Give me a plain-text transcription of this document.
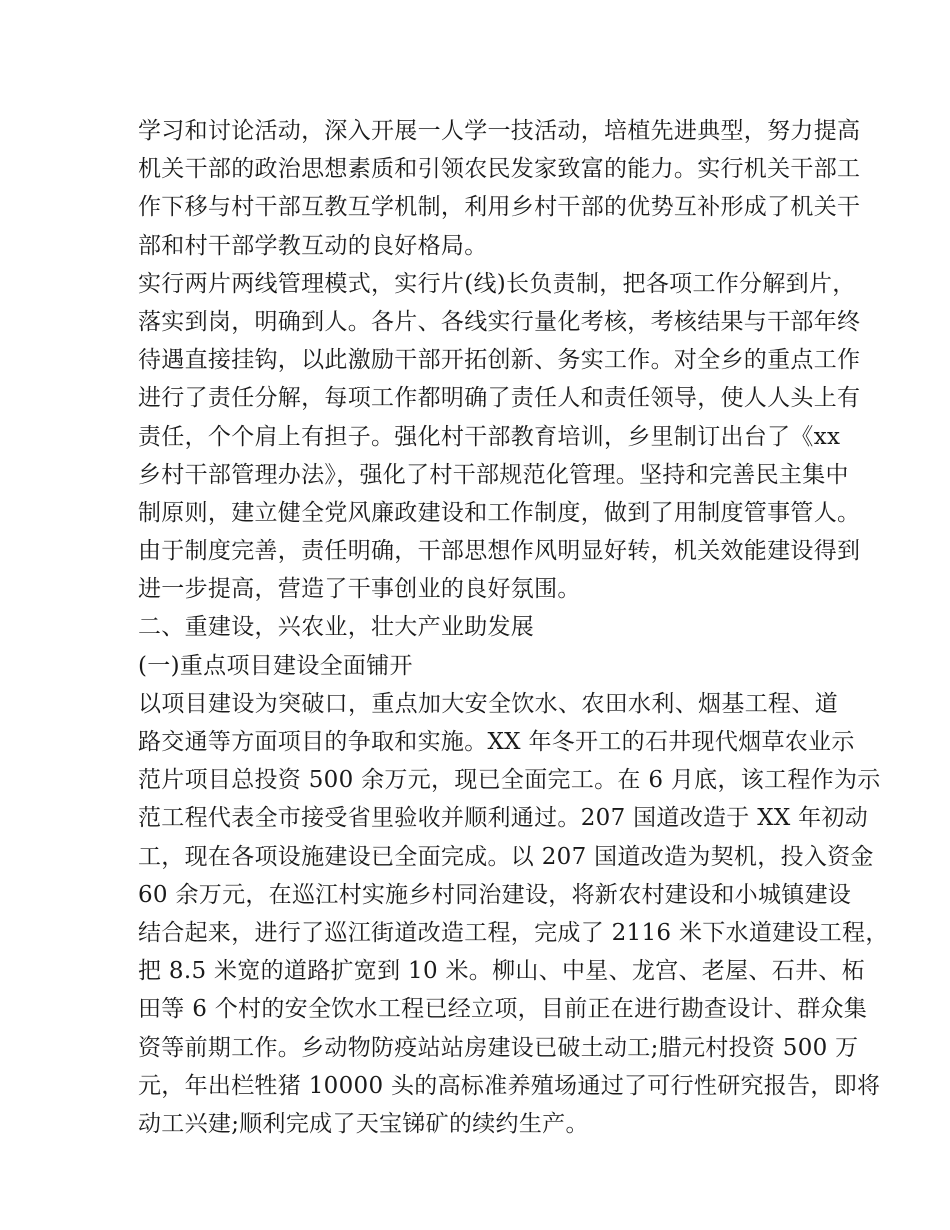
学习和讨论活动，深入开展一人学一技活动，培植先进典型，努力提高
机关干部的政治思想素质和引领农民发家致富的能力。实行机关干部工
作下移与村干部互教互学机制，利用乡村干部的优势互补形成了机关干
部和村干部学教互动的良好格局。
实行两片两线管理模式，实行片(线)长负责制，把各项工作分解到片，
落实到岗，明确到人。各片、各线实行量化考核，考核结果与干部年终
待遇直接挂钩，以此激励干部开拓创新、务实工作。对全乡的重点工作
进行了责任分解，每项工作都明确了责任人和责任领导，使人人头上有
责任，个个肩上有担子。强化村干部教育培训，乡里制订出台了《xx
乡村干部管理办法》，强化了村干部规范化管理。坚持和完善民主集中
制原则，建立健全党风廉政建设和工作制度，做到了用制度管事管人。
由于制度完善，责任明确，干部思想作风明显好转，机关效能建设得到
进一步提高，营造了干事创业的良好氛围。
二、重建设，兴农业，壮大产业助发展
(一)重点项目建设全面铺开
以项目建设为突破口，重点加大安全饮水、农田水利、烟基工程、道
路交通等方面项目的争取和实施。XX 年冬开工的石井现代烟草农业示
范片项目总投资 500 余万元，现已全面完工。在 6 月底，该工程作为示
范工程代表全市接受省里验收并顺利通过。207 国道改造于 XX 年初动
工，现在各项设施建设已全面完成。以 207 国道改造为契机，投入资金
60 余万元，在巡江村实施乡村同治建设，将新农村建设和小城镇建设
结合起来，进行了巡江街道改造工程，完成了 2116 米下水道建设工程，
把 8.5 米宽的道路扩宽到 10 米。柳山、中星、龙宫、老屋、石井、柘
田等 6 个村的安全饮水工程已经立项，目前正在进行勘查设计、群众集
资等前期工作。乡动物防疫站站房建设已破土动工;腊元村投资 500 万
元，年出栏牲猪 10000 头的高标准养殖场通过了可行性研究报告，即将
动工兴建;顺利完成了天宝锑矿的续约生产。
